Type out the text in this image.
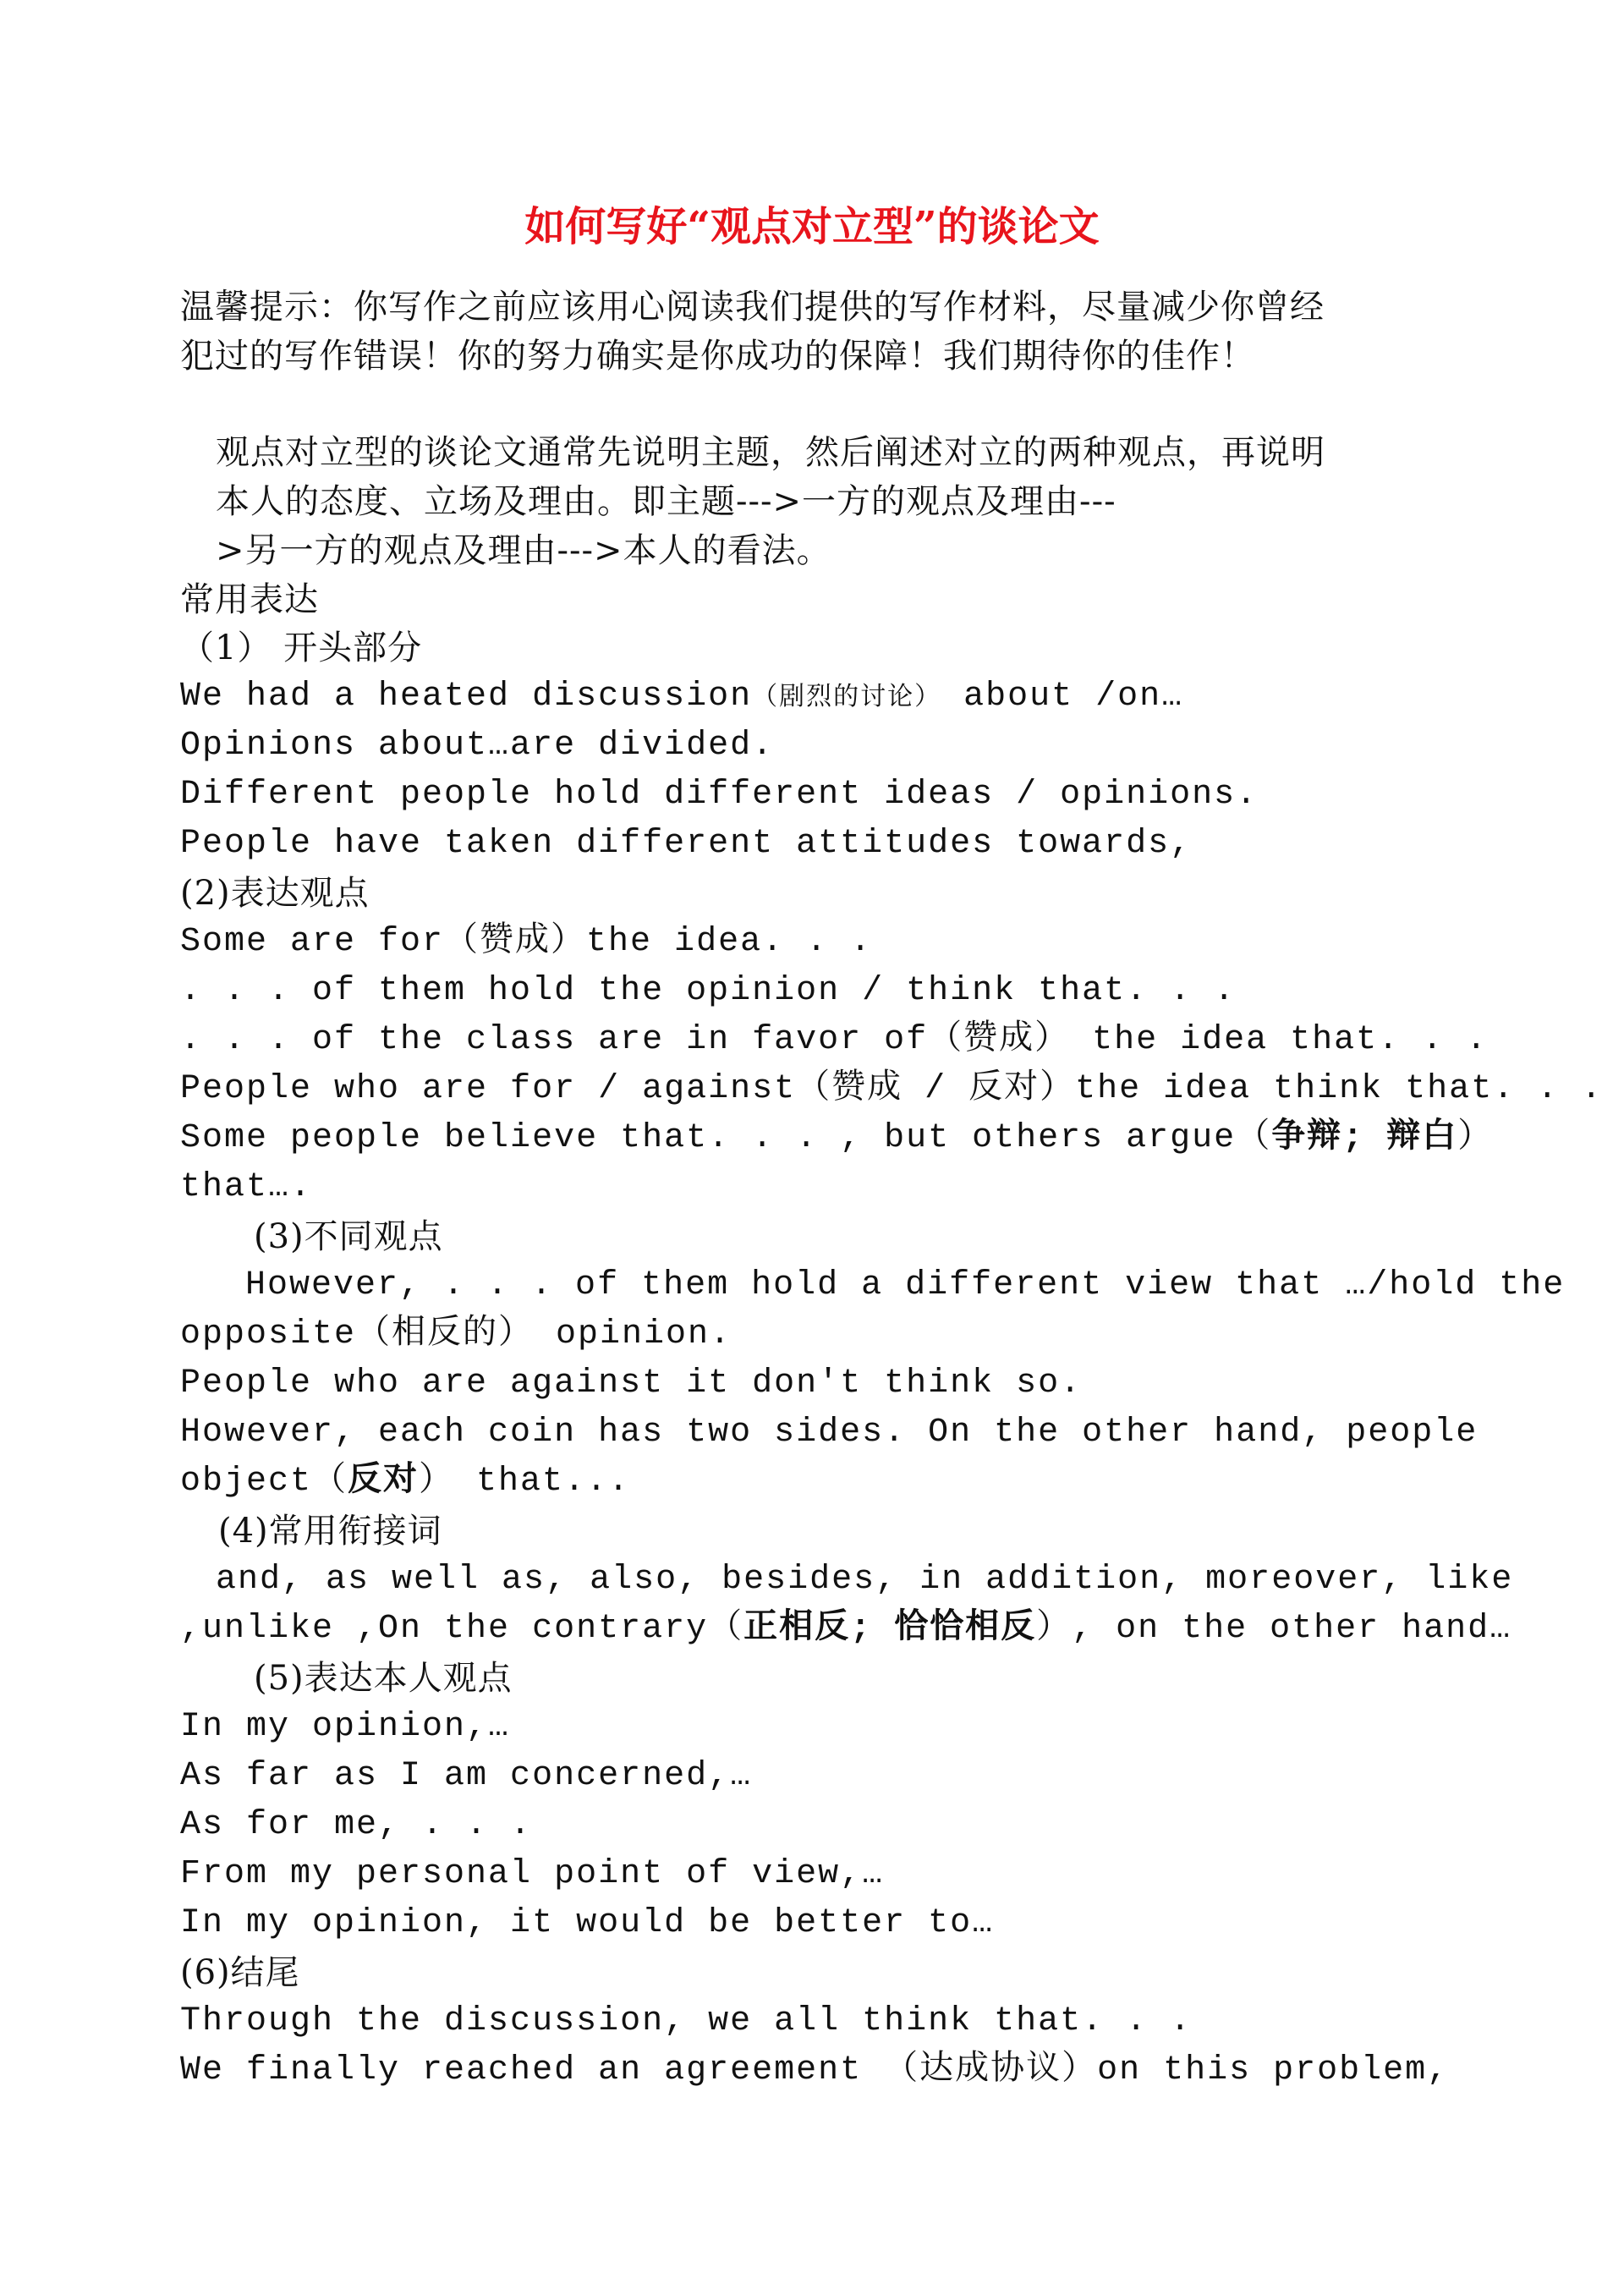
如何写好“观点对立型”的谈论文

温馨提示：你写作之前应该用心阅读我们提供的写作材料，尽量减少你曾经

犯过的写作错误！你的努力确实是你成功的保障！我们期待你的佳作！

观点对立型的谈论文通常先说明主题，然后阐述对立的两种观点，再说明

本人的态度、立场及理由。即主题--->一方的观点及理由---

>另一方的观点及理由--->本人的看法。

常用表达

（1） 开头部分

We had a heated discussion（剧烈的讨论） about /on…

Opinions about…are divided.

Different people hold different ideas / opinions.

People have taken different attitudes towards,

(2)表达观点

Some are for（赞成）the idea. . .

. . . of them hold the opinion / think that. . .

. . . of the class are in favor of（赞成） the idea that. . .

People who are for / against（赞成 / 反对）the idea think that. . .

Some people believe that. . . , but others argue（争辩; 辩白）

that….

(3)不同观点

However, . . . of them hold a different view that …/hold the

opposite（相反的） opinion.

People who are against it don't think so.

However, each coin has two sides. On the other hand, people

object（反对） that...

(4)常用衔接词

and, as well as, also, besides, in addition, moreover, like

,unlike ,On the contrary（正相反; 恰恰相反）, on the other hand…

(5)表达本人观点

In my opinion,…

As far as I am concerned,…

As for me, . . .

From my personal point of view,…

In my opinion, it would be better to…

(6)结尾

Through the discussion, we all think that. . .

We finally reached an agreement （达成协议）on this problem,
